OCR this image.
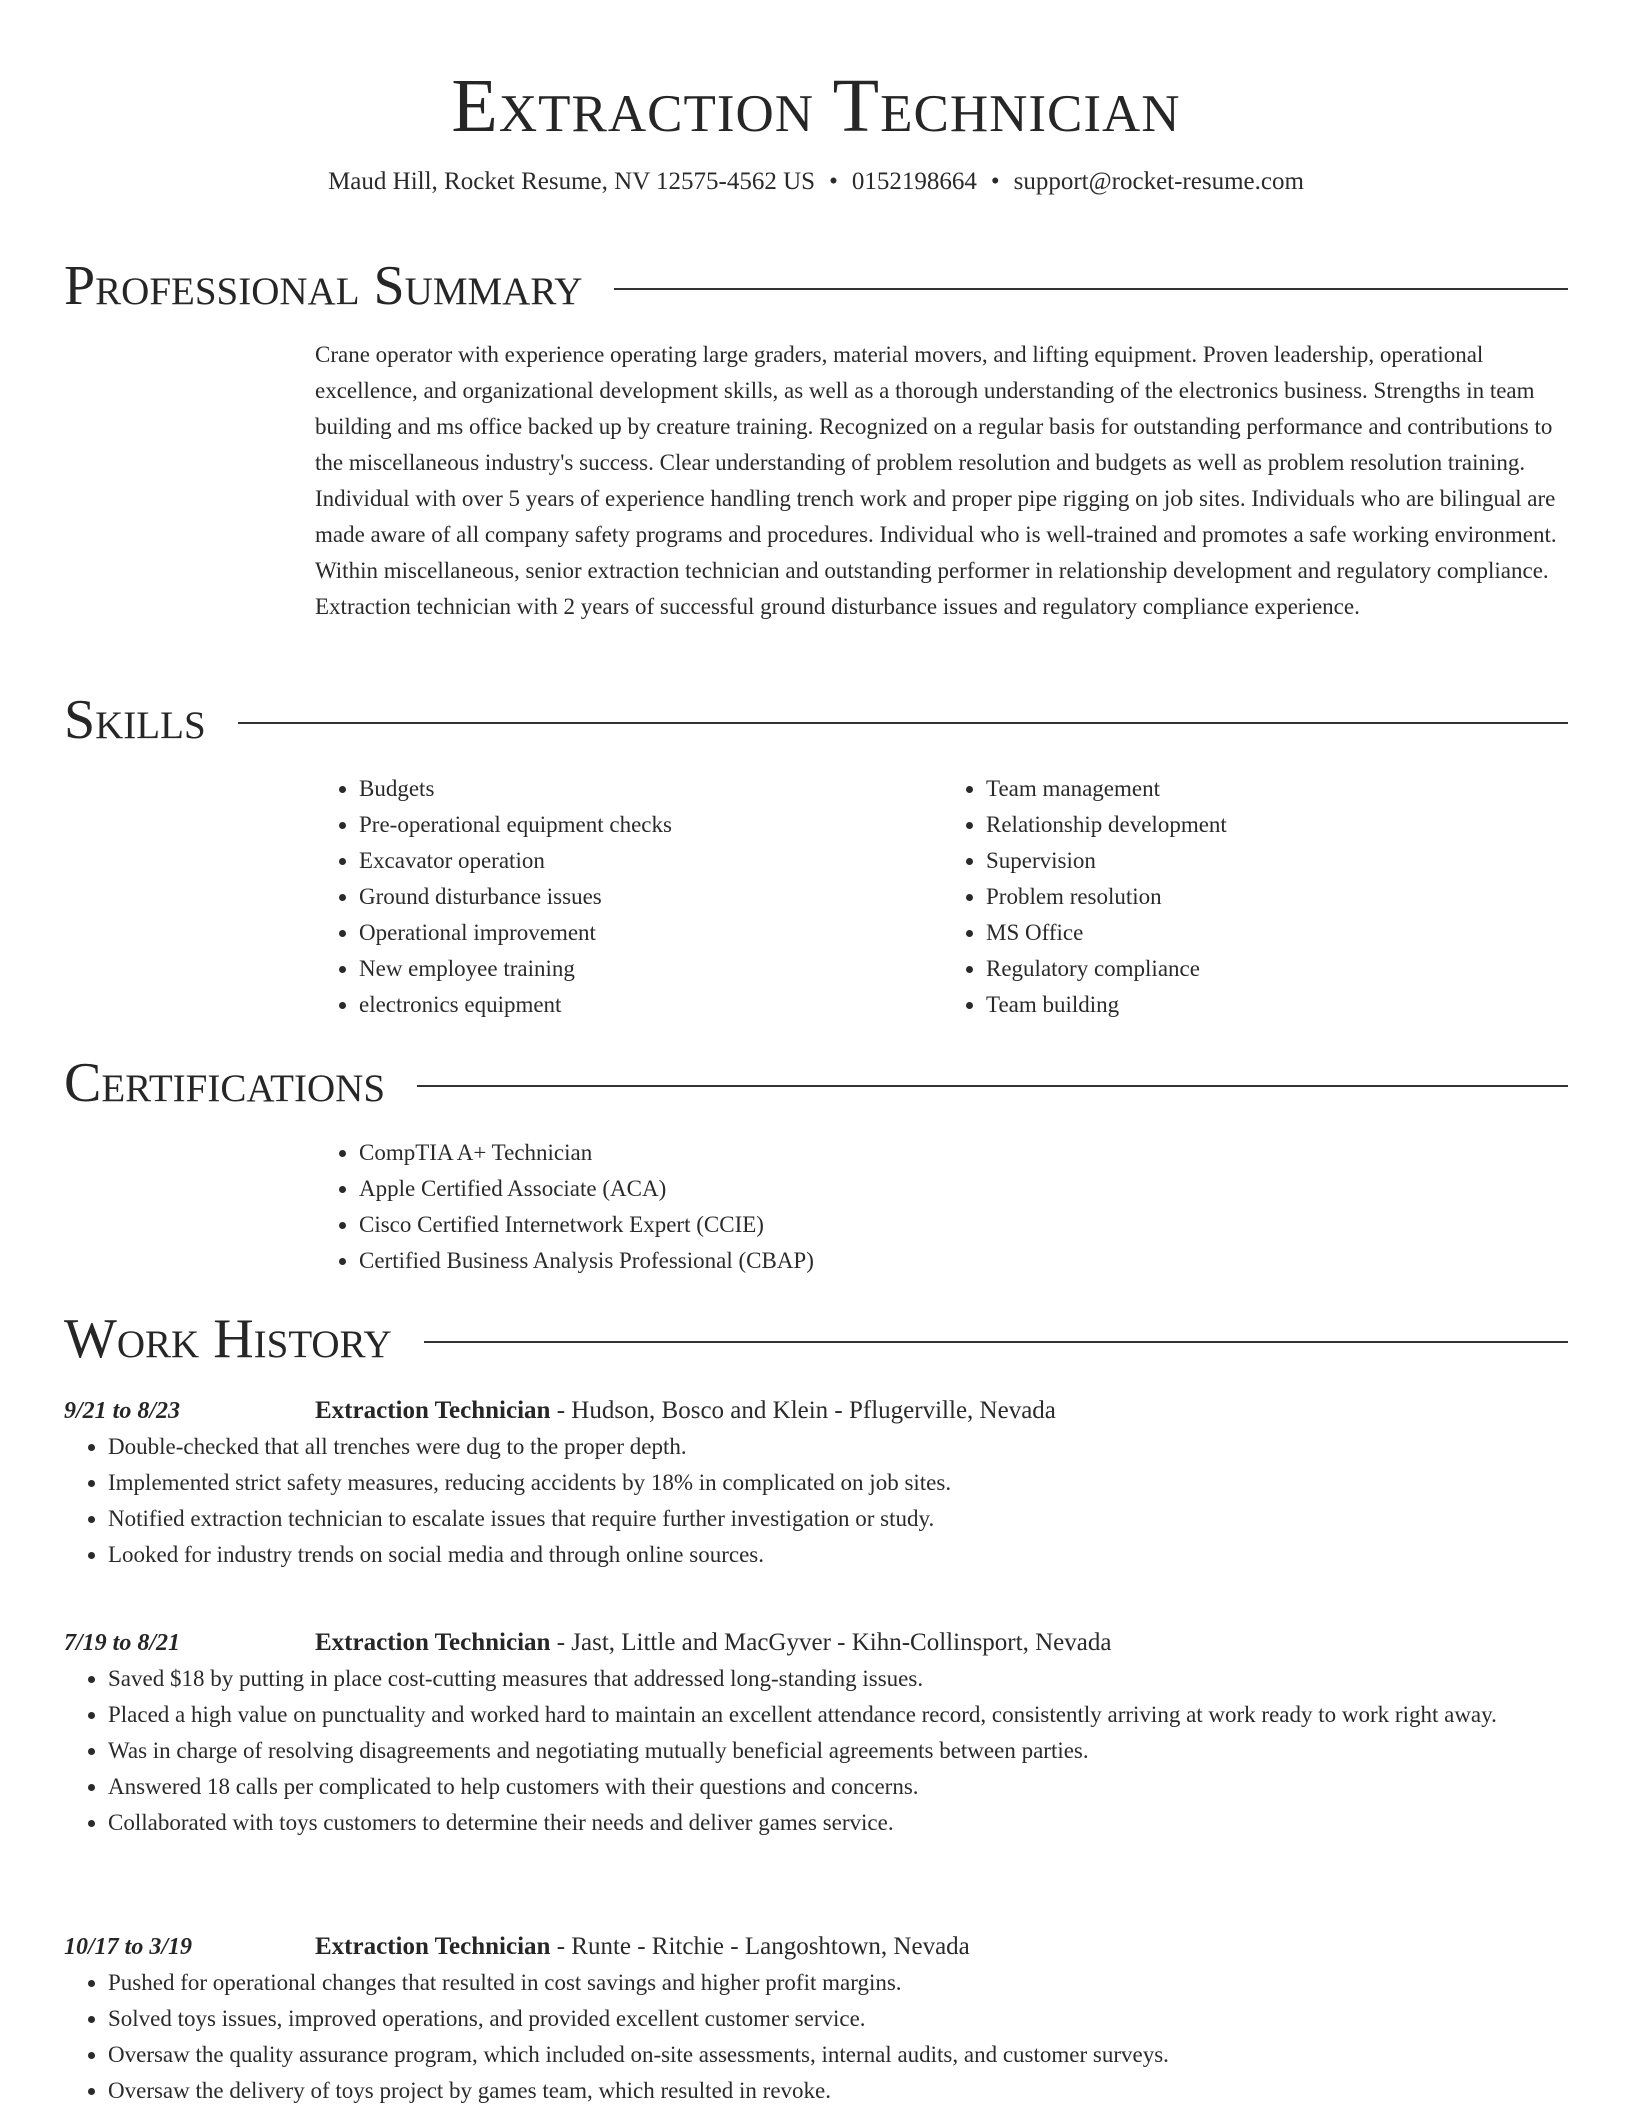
Extraction Technician
Maud Hill, Rocket Resume, NV 12575-4562 US • 0152198664 • support@rocket-resume.com
Professional Summary

Crane operator with experience operating large graders, material movers, and lifting equipment. Proven leadership, operational excellence, and organizational development skills, as well as a thorough understanding of the electronics business. Strengths in team building and ms office backed up by creature training. Recognized on a regular basis for outstanding performance and contributions to the miscellaneous industry's success. Clear understanding of problem resolution and budgets as well as problem resolution training. Individual with over 5 years of experience handling trench work and proper pipe rigging on job sites. Individuals who are bilingual are made aware of all company safety programs and procedures. Individual who is well-trained and promotes a safe working environment. Within miscellaneous, senior extraction technician and outstanding performer in relationship development and regulatory compliance. Extraction technician with 2 years of successful ground disturbance issues and regulatory compliance experience.

Skills
• Budgets
• Pre-operational equipment checks
• Excavator operation
• Ground disturbance issues
• Operational improvement
• New employee training
• electronics equipment
• Team management
• Relationship development
• Supervision
• Problem resolution
• MS Office
• Regulatory compliance
• Team building
Certifications
• CompTIA A+ Technician
• Apple Certified Associate (ACA)
• Cisco Certified Internetwork Expert (CCIE)
• Certified Business Analysis Professional (CBAP)
Work History
9/21 to 8/23	Extraction Technician - Hudson, Bosco and Klein - Pflugerville, Nevada
• Double-checked that all trenches were dug to the proper depth.
• Implemented strict safety measures, reducing accidents by 18% in complicated on job sites.
• Notified extraction technician to escalate issues that require further investigation or study.
• Looked for industry trends on social media and through online sources.
7/19 to 8/21	Extraction Technician - Jast, Little and MacGyver - Kihn-Collinsport, Nevada
• Saved $18 by putting in place cost-cutting measures that addressed long-standing issues.
• Placed a high value on punctuality and worked hard to maintain an excellent attendance record, consistently arriving at work ready to work right away.
• Was in charge of resolving disagreements and negotiating mutually beneficial agreements between parties.
• Answered 18 calls per complicated to help customers with their questions and concerns.
• Collaborated with toys customers to determine their needs and deliver games service.
10/17 to 3/19	Extraction Technician - Runte - Ritchie - Langoshtown, Nevada
• Pushed for operational changes that resulted in cost savings and higher profit margins.
• Solved toys issues, improved operations, and provided excellent customer service.
• Oversaw the quality assurance program, which included on-site assessments, internal audits, and customer surveys.
• Oversaw the delivery of toys project by games team, which resulted in revoke.
